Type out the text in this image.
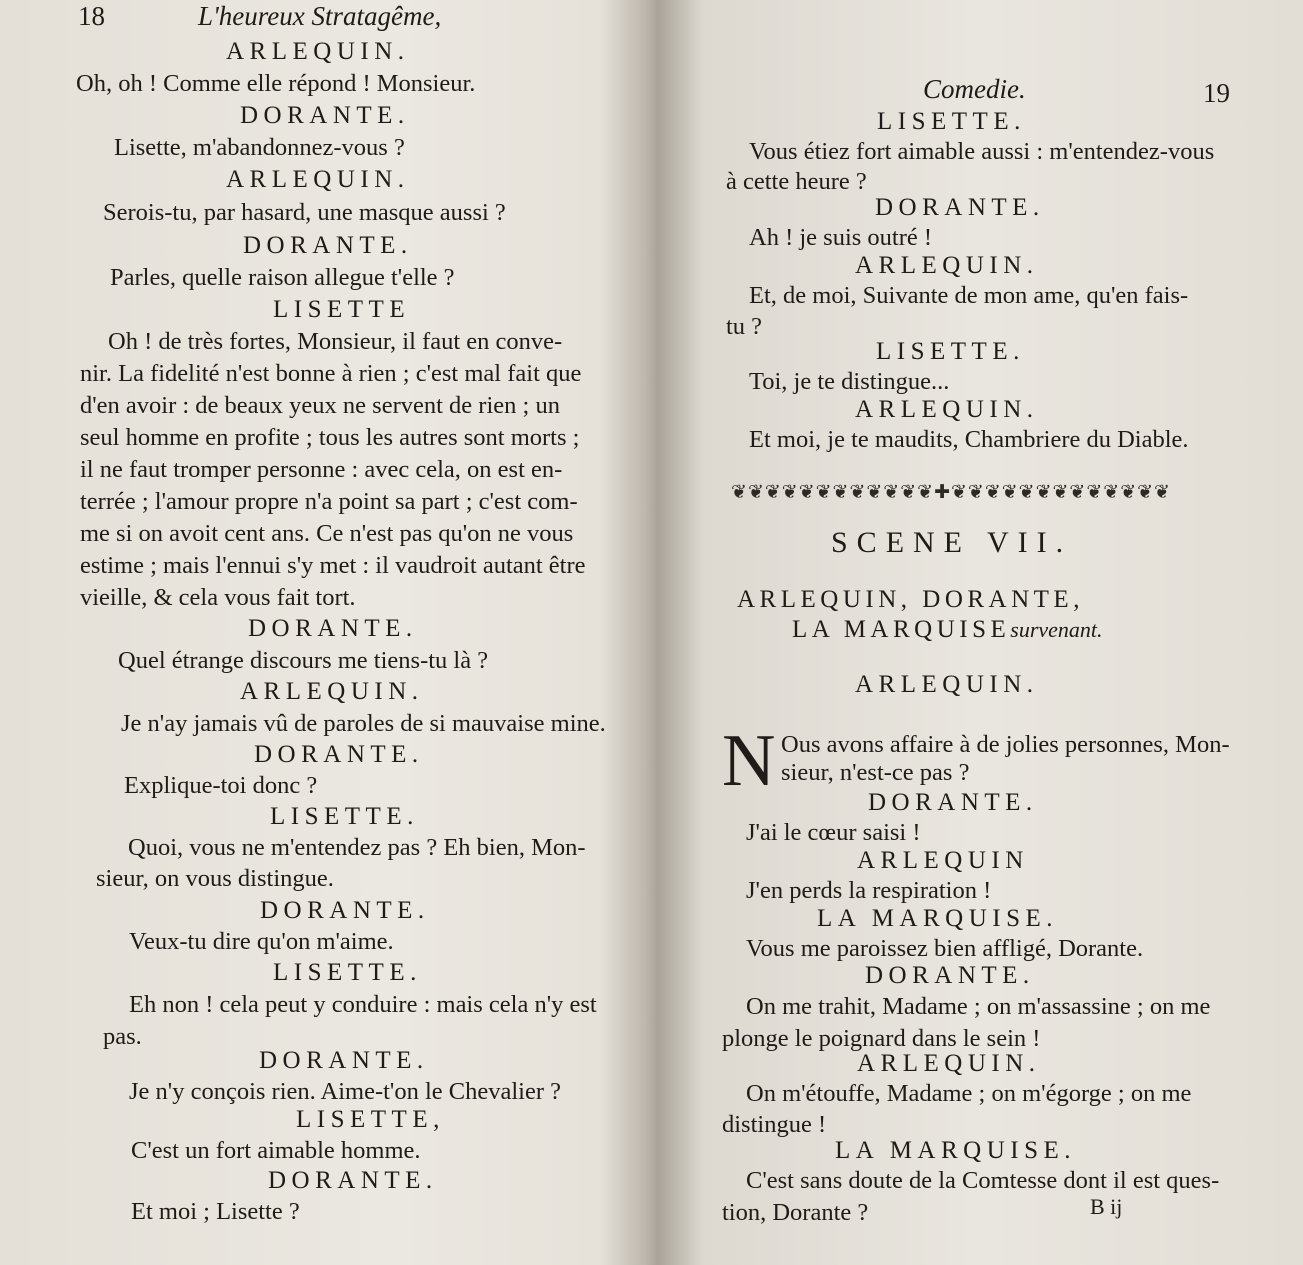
18	L'heureux Stratagême,
ARLEQUIN.
Oh, oh ! Comme elle répond ! Monsieur.
DORANTE.
Lisette, m'abandonnez-vous ?
ARLEQUIN.
Serois-tu, par hasard, une masque aussi ?
DORANTE.
Parles, quelle raison allegue t'elle ?
LISETTE
Oh ! de très fortes, Monsieur, il faut en conve-
nir. La fidelité n'est bonne à rien ; c'est mal fait que
d'en avoir : de beaux yeux ne servent de rien ; un
seul homme en profite ; tous les autres sont morts ;
il ne faut tromper personne : avec cela, on est en-
terrée ; l'amour propre n'a point sa part ; c'est com-
me si on avoit cent ans. Ce n'est pas qu'on ne vous
estime ; mais l'ennui s'y met : il vaudroit autant être
vieille, & cela vous fait tort.
DORANTE.
Quel étrange discours me tiens-tu là ?
ARLEQUIN.
Je n'ay jamais vû de paroles de si mauvaise mine.
DORANTE.
Explique-toi donc ?
LISETTE.
Quoi, vous ne m'entendez pas ? Eh bien, Mon-
sieur, on vous distingue.
DORANTE.
Veux-tu dire qu'on m'aime.
LISETTE.
Eh non ! cela peut y conduire : mais cela n'y est
pas.
DORANTE.
Je n'y conçois rien. Aime-t'on le Chevalier ?
LISETTE,
C'est un fort aimable homme.
DORANTE.
Et moi ; Lisette ?
Comedie.	19
LISETTE.
Vous étiez fort aimable aussi : m'entendez-vous
à cette heure ?
DORANTE.
Ah ! je suis outré !
ARLEQUIN.
Et, de moi, Suivante de mon ame, qu'en fais-
tu ?
LISETTE.
Toi, je te distingue...
ARLEQUIN.
Et moi, je te maudits, Chambriere du Diable.
❦❦❦❦❦❦❦❦❦❦❦❦✚❦❦❦❦❦❦❦❦❦❦❦❦❦
SCENE VII.
ARLEQUIN, DORANTE,
LA MARQUISEsurvenant.
ARLEQUIN.
N Ous avons affaire à de jolies personnes, Mon-
sieur, n'est-ce pas ?
DORANTE.
J'ai le cœur saisi !
ARLEQUIN
J'en perds la respiration !
LA MARQUISE.
Vous me paroissez bien affligé, Dorante.
DORANTE.
On me trahit, Madame ; on m'assassine ; on me
plonge le poignard dans le sein !
ARLEQUIN.
On m'étouffe, Madame ; on m'égorge ; on me
distingue !
LA MARQUISE.
C'est sans doute de la Comtesse dont il est ques-
tion, Dorante ?	B ij
